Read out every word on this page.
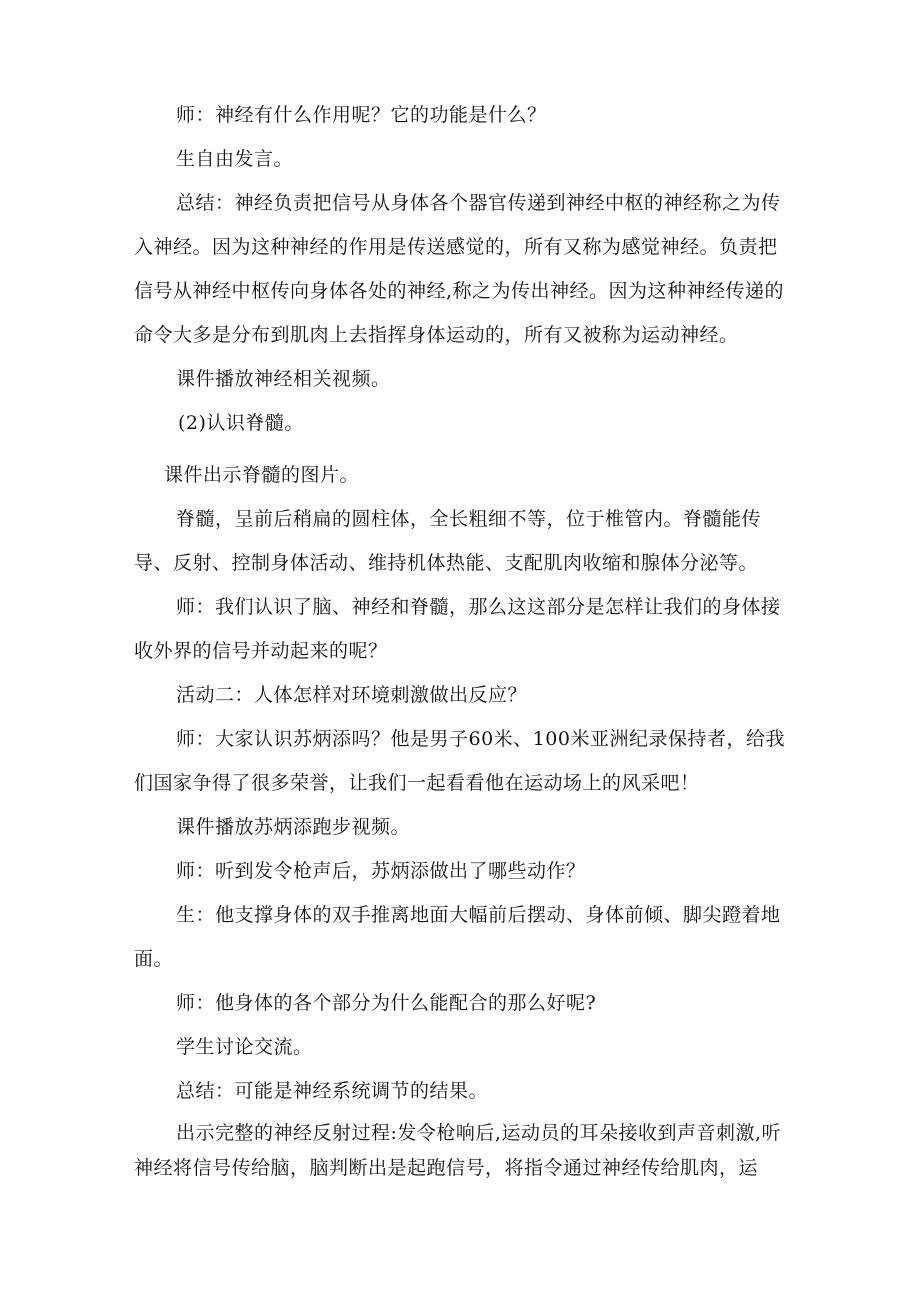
师：神经有什么作用呢？它的功能是什么？

生自由发言。

总结：神经负责把信号从身体各个器官传递到神经中枢的神经称之为传入神经。因为这种神经的作用是传送感觉的，所有又称为感觉神经。负责把信号从神经中枢传向身体各处的神经,称之为传出神经。因为这种神经传递的命令大多是分布到肌肉上去指挥身体运动的，所有又被称为运动神经。

课件播放神经相关视频。

(2)认识脊髓。

课件出示脊髓的图片。

脊髓，呈前后稍扁的圆柱体，全长粗细不等，位于椎管内。脊髓能传导、反射、控制身体活动、维持机体热能、支配肌肉收缩和腺体分泌等。

师：我们认识了脑、神经和脊髓，那么这这部分是怎样让我们的身体接收外界的信号并动起来的呢？

活动二：人体怎样对环境刺激做出反应？

师：大家认识苏炳添吗？他是男子60米、100米亚洲纪录保持者，给我们国家争得了很多荣誉，让我们一起看看他在运动场上的风采吧！

课件播放苏炳添跑步视频。

师：听到发令枪声后，苏炳添做出了哪些动作？

生：他支撑身体的双手推离地面大幅前后摆动、身体前倾、脚尖蹬着地面。

师：他身体的各个部分为什么能配合的那么好呢?

学生讨论交流。

总结：可能是神经系统调节的结果。

出示完整的神经反射过程:发令枪响后,运动员的耳朵接收到声音刺激,听神经将信号传给脑，脑判断出是起跑信号，将指令通过神经传给肌肉，运
